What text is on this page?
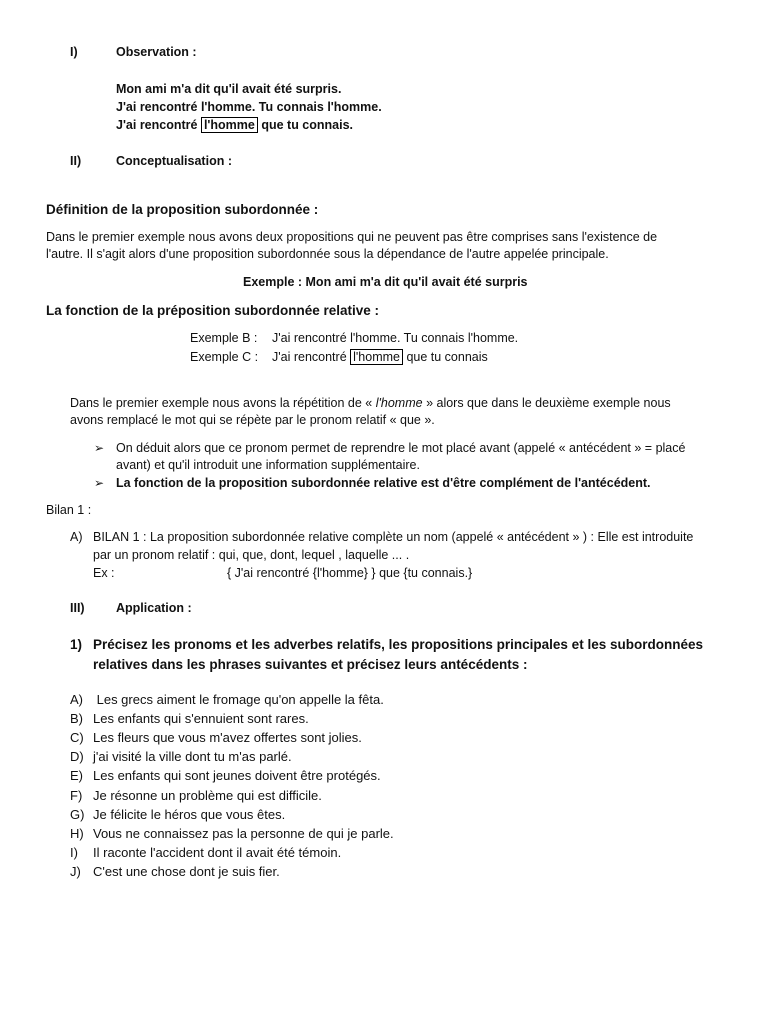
I)	Observation :
Mon ami m'a dit qu'il avait été surpris.
J'ai rencontré l'homme. Tu connais l'homme.
J'ai rencontré l'homme que tu connais.
II)	Conceptualisation :
Définition de la proposition subordonnée :
Dans le premier exemple nous avons deux propositions qui ne peuvent pas être comprises sans l'existence de
l'autre. Il s'agit alors d'une proposition subordonnée sous la dépendance de l'autre appelée principale.
Exemple : Mon ami m'a dit qu'il avait été surpris
La fonction de la préposition subordonnée relative :
Exemple B : J'ai rencontré l'homme. Tu connais l'homme.
Exemple C : J'ai rencontré l'homme que tu connais
Dans le premier exemple nous avons la répétition de « l'homme » alors que dans le deuxième exemple nous
avons remplacé le mot qui se répète par le pronom relatif « que ».
➢ On déduit alors que ce pronom permet de reprendre le mot placé avant (appelé « antécédent » = placé
avant) et qu'il introduit une information supplémentaire.
➢ La fonction de la proposition subordonnée relative est d'être complément de l'antécédent.
Bilan 1 :
A) BILAN 1 : La proposition subordonnée relative complète un nom (appelé « antécédent » ) : Elle est introduite
par un pronom relatif : qui, que, dont, lequel , laquelle ... .
Ex :	{ J'ai rencontré {l'homme} } que {tu connais.}
III)	Application :
1) Précisez les pronoms et les adverbes relatifs, les propositions principales et les subordonnées
relatives dans les phrases suivantes et précisez leurs antécédents :
A) Les grecs aiment le fromage qu'on appelle la fêta.
B) Les enfants qui s'ennuient sont rares.
C) Les fleurs que vous m'avez offertes sont jolies.
D) j'ai visité la ville dont tu m'as parlé.
E) Les enfants qui sont jeunes doivent être protégés.
F) Je résonne un problème qui est difficile.
G) Je félicite le héros que vous êtes.
H) Vous ne connaissez pas la personne de qui je parle.
I) Il raconte l'accident dont il avait été témoin.
J) C'est une chose dont je suis fier.
